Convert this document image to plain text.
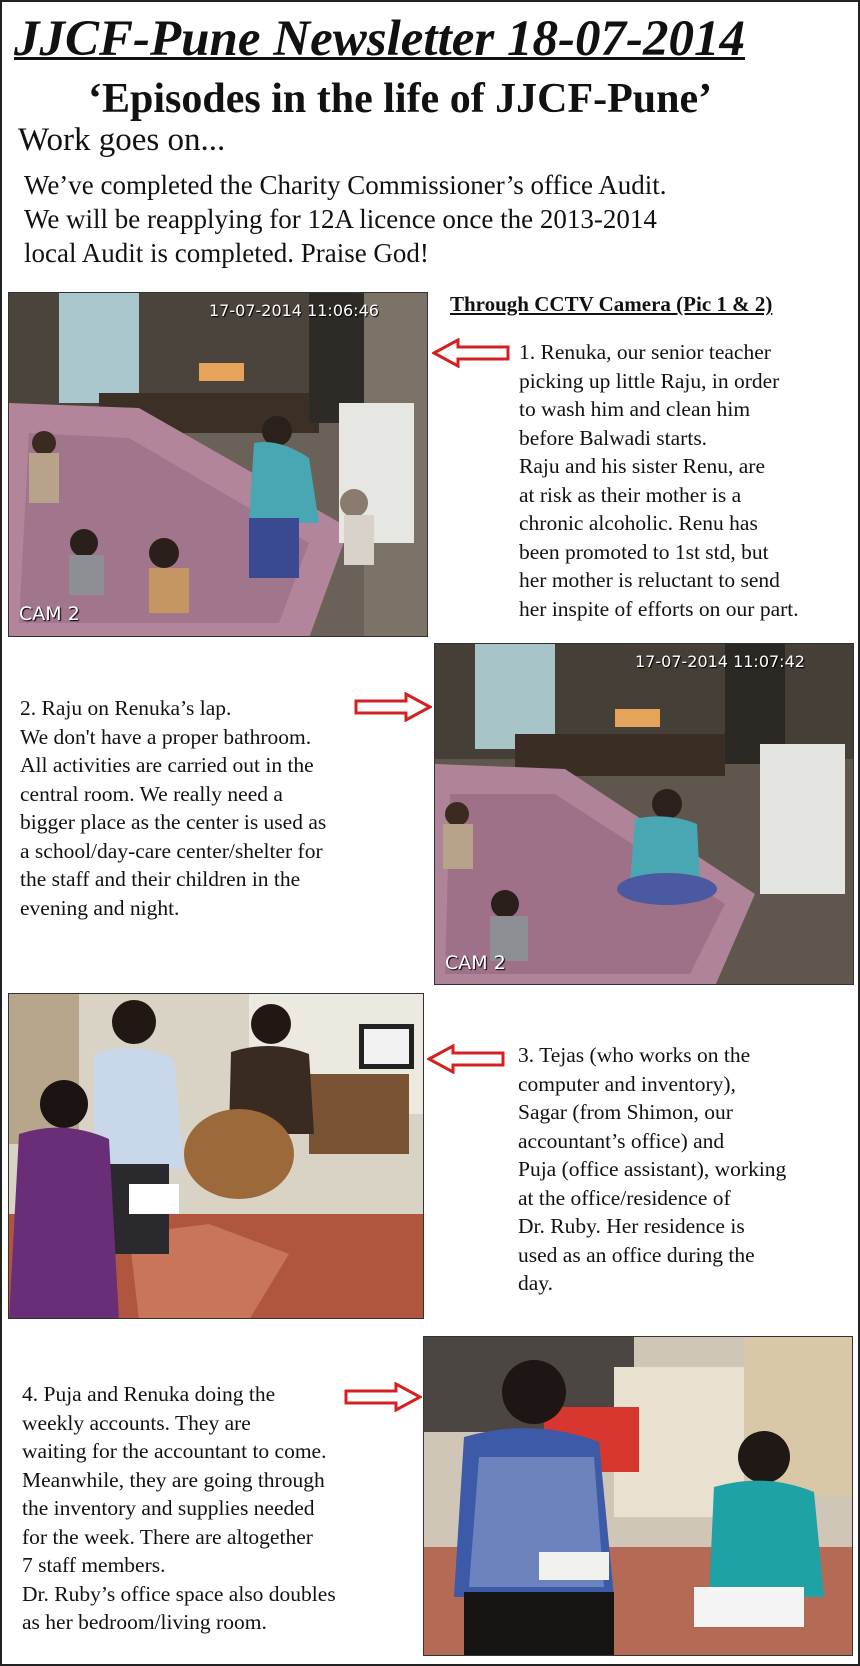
JJCF-Pune Newsletter 18-07-2014
‘Episodes in the life of JJCF-Pune’
Work goes on...

We’ve completed the Charity Commissioner’s office Audit.

We will be reapplying for 12A licence once the 2013-2014

local Audit is completed. Praise God!

17-07-2014 11:06:46
CAM 2
Through CCTV Camera (Pic 1 & 2)

1. Renuka, our senior teacher

picking up little Raju, in order

to wash him and clean him

before Balwadi starts.

Raju and his sister Renu, are

at risk as their mother is a

chronic alcoholic. Renu has

been promoted to 1st std, but

her mother is reluctant to send

her inspite of efforts on our part.

2. Raju on Renuka’s lap.

We don't have a proper bathroom.

All activities are carried out in the

central room. We really need a

bigger place as the center is used as

a school/day-care center/shelter for

the staff and their children in the

evening and night.

17-07-2014 11:07:42
CAM 2

3. Tejas (who works on the

computer and inventory),

Sagar (from Shimon, our

accountant’s office) and

Puja (office assistant), working

at the office/residence of

Dr. Ruby. Her residence is

used as an office during the

day.

4. Puja and Renuka doing the

weekly accounts. They are

waiting for the accountant to come.

Meanwhile, they are going through

the inventory and supplies needed

for the week. There are altogether

7 staff members.

Dr. Ruby’s office space also doubles

as her bedroom/living room.
